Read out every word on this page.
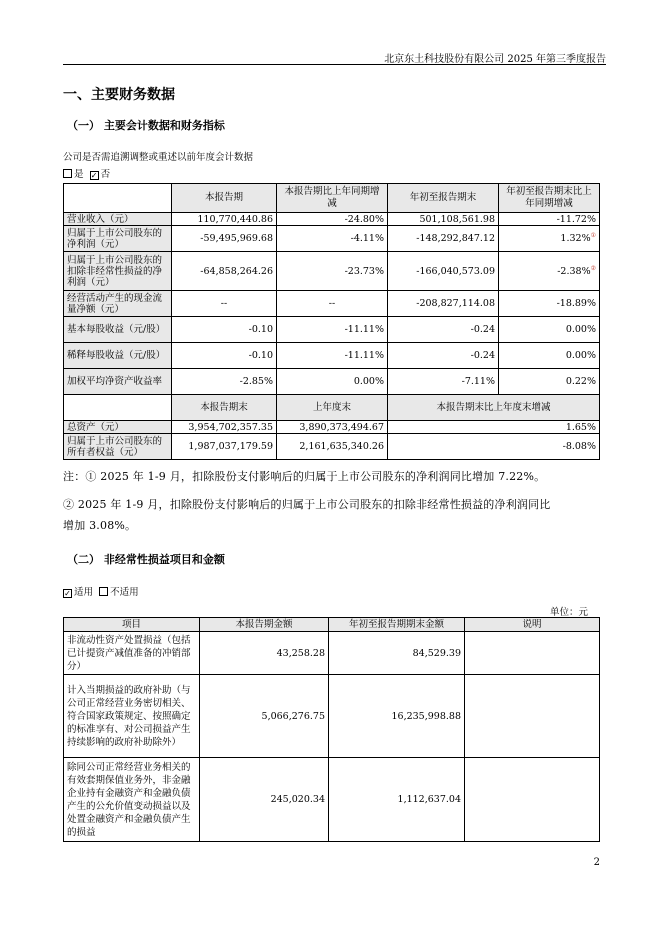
北京东土科技股份有限公司 2025 年第三季度报告
一、主要财务数据
（一） 主要会计数据和财务指标
公司是否需追溯调整或重述以前年度会计数据
是 ✓ 否
	本报告期	本报告期比上年同期增减	年初至报告期末	年初至报告期末比上年同期增减
营业收入（元）	110,770,440.86	-24.80%	501,108,561.98	-11.72%
归属于上市公司股东的净利润（元）	-59,495,969.68	-4.11%	-148,292,847.12	1.32%①
归属于上市公司股东的扣除非经常性损益的净利润（元）	-64,858,264.26	-23.73%	-166,040,573.09	-2.38%②
经营活动产生的现金流量净额（元）	--	--	-208,827,114.08	-18.89%
基本每股收益（元/股）	-0.10	-11.11%	-0.24	0.00%
稀释每股收益（元/股）	-0.10	-11.11%	-0.24	0.00%
加权平均净资产收益率	-2.85%	0.00%	-7.11%	0.22%
	本报告期末	上年度末	本报告期末比上年度末增减	
总资产（元）	3,954,702,357.35	3,890,373,494.67	1.65%	
归属于上市公司股东的所有者权益（元）	1,987,037,179.59	2,161,635,340.26	-8.08%	
注：① 2025 年 1-9 月，扣除股份支付影响后的归属于上市公司股东的净利润同比增加 7.22%。
② 2025 年 1-9 月，扣除股份支付影响后的归属于上市公司股东的扣除非经常性损益的净利润同比
增加 3.08%。
（二） 非经常性损益项目和金额
✓ 适用 不适用
单位：元
项目	本报告期金额	年初至报告期期末金额	说明
非流动性资产处置损益（包括已计提资产减值准备的冲销部分）	43,258.28	84,529.39	
计入当期损益的政府补助（与公司正常经营业务密切相关、符合国家政策规定、按照确定的标准享有、对公司损益产生持续影响的政府补助除外）	5,066,276.75	16,235,998.88	
除同公司正常经营业务相关的有效套期保值业务外，非金融企业持有金融资产和金融负债产生的公允价值变动损益以及处置金融资产和金融负债产生的损益	245,020.34	1,112,637.04	
2
